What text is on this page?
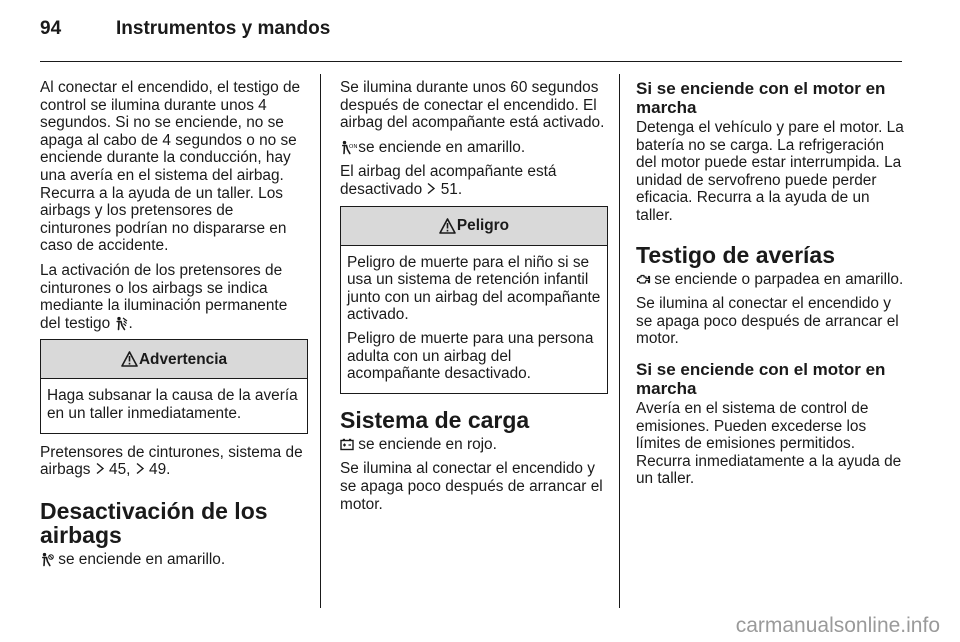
94	Instrumentos y mandos

Al conectar el encendido, el testigo de control se ilumina durante unos 4 segundos. Si no se enciende, no se apaga al cabo de 4 segundos o no se enciende durante la conducción, hay una avería en el sistema del airbag. Recurra a la ayuda de un taller. Los airbags y los pretensores de cinturones podrían no dispararse en caso de accidente.

La activación de los pretensores de cinturones o los airbags se indica mediante la iluminación permanente del testigo .

Advertencia

Haga subsanar la causa de la avería en un taller inmediatamente.

Pretensores de cinturones, sistema de airbags 45, 49.

Desactivación de los airbags

se enciende en amarillo.

Se ilumina durante unos 60 segundos después de conectar el encendido. El airbag del acompañante está activado.

ON se enciende en amarillo.

El airbag del acompañante está desactivado 51.

Peligro

Peligro de muerte para el niño si se usa un sistema de retención infantil junto con un airbag del acompañante activado.

Peligro de muerte para una persona adulta con un airbag del acompañante desactivado.

Sistema de carga

se enciende en rojo.

Se ilumina al conectar el encendido y se apaga poco después de arrancar el motor.

Si se enciende con el motor en marcha

Detenga el vehículo y pare el motor. La batería no se carga. La refrigeración del motor puede estar interrumpida. La unidad de servofreno puede perder eficacia. Recurra a la ayuda de un taller.

Testigo de averías

se enciende o parpadea en amarillo.

Se ilumina al conectar el encendido y se apaga poco después de arrancar el motor.

Si se enciende con el motor en marcha

Avería en el sistema de control de emisiones. Pueden excederse los límites de emisiones permitidos. Recurra inmediatamente a la ayuda de un taller.

carmanualsonline.info
